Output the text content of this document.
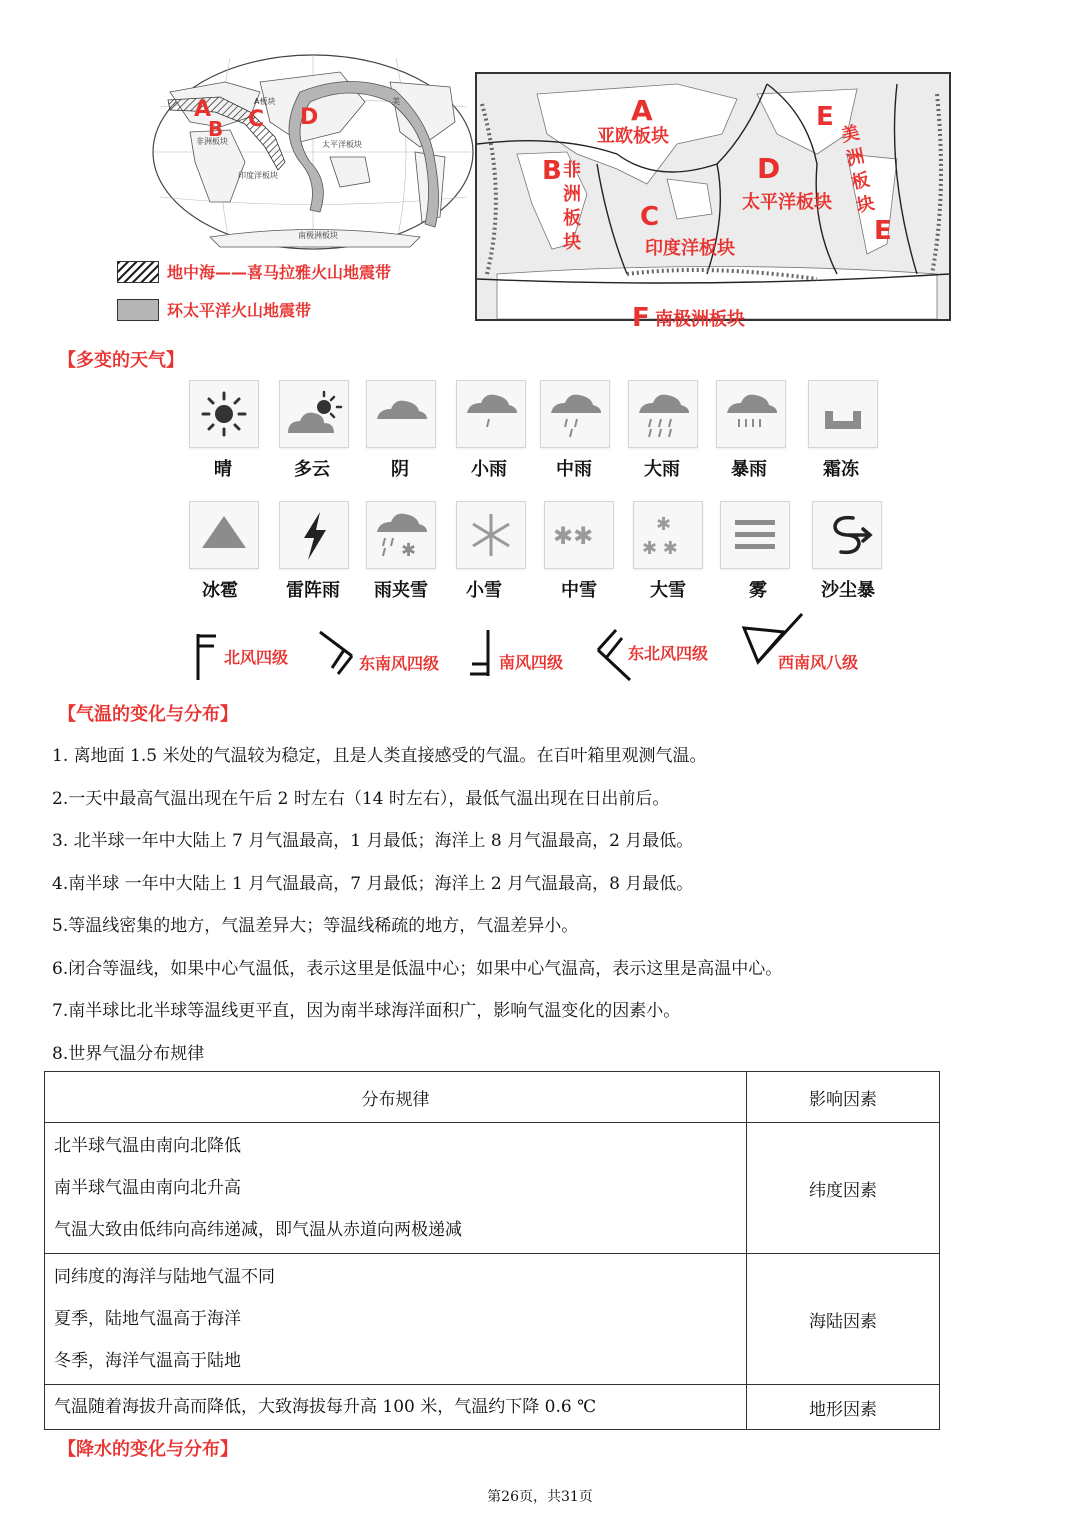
A板块
非洲板块
印度洋板块
太平洋板块
美
南极洲板块
A
B C D
地中海——喜马拉雅火山地震带
环太平洋火山地震带
A
亚欧板块
B 非
洲
板
块
C
印度洋板块
D
太平洋板块
E
美
洲
板
块
E
F 南极洲板块
【多变的天气】
晴	多云	阴	小雨	中雨	大雨	暴雨	霜冻
✱
✱✱	✱
✱ ✱
冰雹	雷阵雨	雨夹雪	小雪	中雪	大雪	雾	沙尘暴
北风四级	东南风四级	南风四级	东北风四级	西南风八级
【气温的变化与分布】
1. 离地面 1.5 米处的气温较为稳定，且是人类直接感受的气温。在百叶箱里观测气温。
2.一天中最高气温出现在午后 2 时左右（14 时左右），最低气温出现在日出前后。
3. 北半球一年中大陆上 7 月气温最高，1 月最低；海洋上 8 月气温最高，2 月最低。
4.南半球 一年中大陆上 1 月气温最高，7 月最低；海洋上 2 月气温最高，8 月最低。
5.等温线密集的地方，气温差异大；等温线稀疏的地方，气温差异小。
6.闭合等温线，如果中心气温低，表示这里是低温中心；如果中心气温高，表示这里是高温中心。
7.南半球比北半球等温线更平直，因为南半球海洋面积广，影响气温变化的因素小。
8.世界气温分布规律
分布规律	影响因素

北半球气温由南向北降低
南半球气温由南向北升高
气温大致由低纬向高纬递减，即气温从赤道向两极递减	纬度因素

同纬度的海洋与陆地气温不同
夏季，陆地气温高于海洋
冬季，海洋气温高于陆地	海陆因素

气温随着海拔升高而降低，大致海拔每升高 100 米，气温约下降 0.6 ℃	地形因素
【降水的变化与分布】
第26页，共31页
